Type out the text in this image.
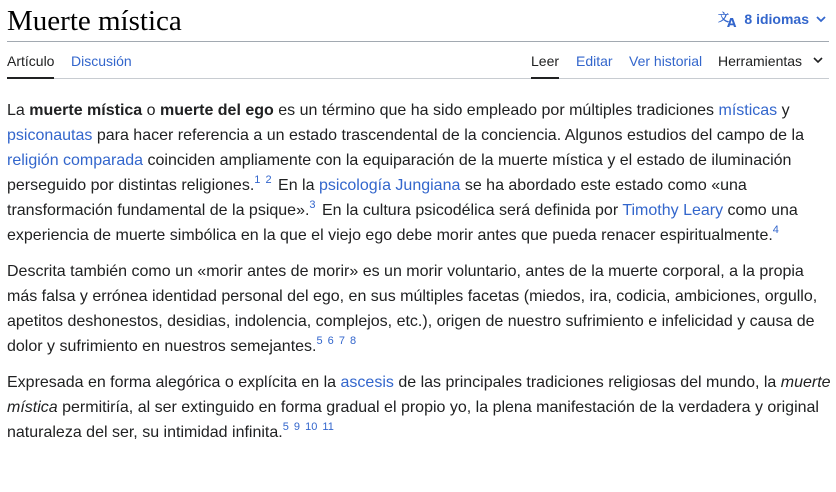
Muerte mística	文
A 8 idiomas
Artículo Discusión	Leer Editar Ver historial Herramientas

La muerte mística o muerte del ego es un término que ha sido empleado por múltiples tradiciones místicas y psiconautas para hacer referencia a un estado trascendental de la conciencia. Algunos estudios del campo de la religión comparada coinciden ampliamente con la equiparación de la muerte mística y el estado de iluminación perseguido por distintas religiones.$^{1 2}$ En la psicología Jungiana se ha abordado este estado como «una transformación fundamental de la psique».$^3$ En la cultura psicodélica será definida por Timothy Leary como una experiencia de muerte simbólica en la que el viejo ego debe morir antes que pueda renacer espiritualmente.$^4$

Descrita también como un «morir antes de morir» es un morir voluntario, antes de la muerte corporal, a la propia más falsa y errónea identidad personal del ego, en sus múltiples facetas (miedos, ira, codicia, ambiciones, orgullo, apetitos deshonestos, desidias, indolencia, complejos, etc.), origen de nuestro sufrimiento e infelicidad y causa de dolor y sufrimiento en nuestros semejantes.$^{5 6 7 8}$

Expresada en forma alegórica o explícita en la ascesis de las principales tradiciones religiosas del mundo, la muerte mística permitiría, al ser extinguido en forma gradual el propio yo, la plena manifestación de la verdadera y original naturaleza del ser, su intimidad infinita.$^{5 9 10 11}$
